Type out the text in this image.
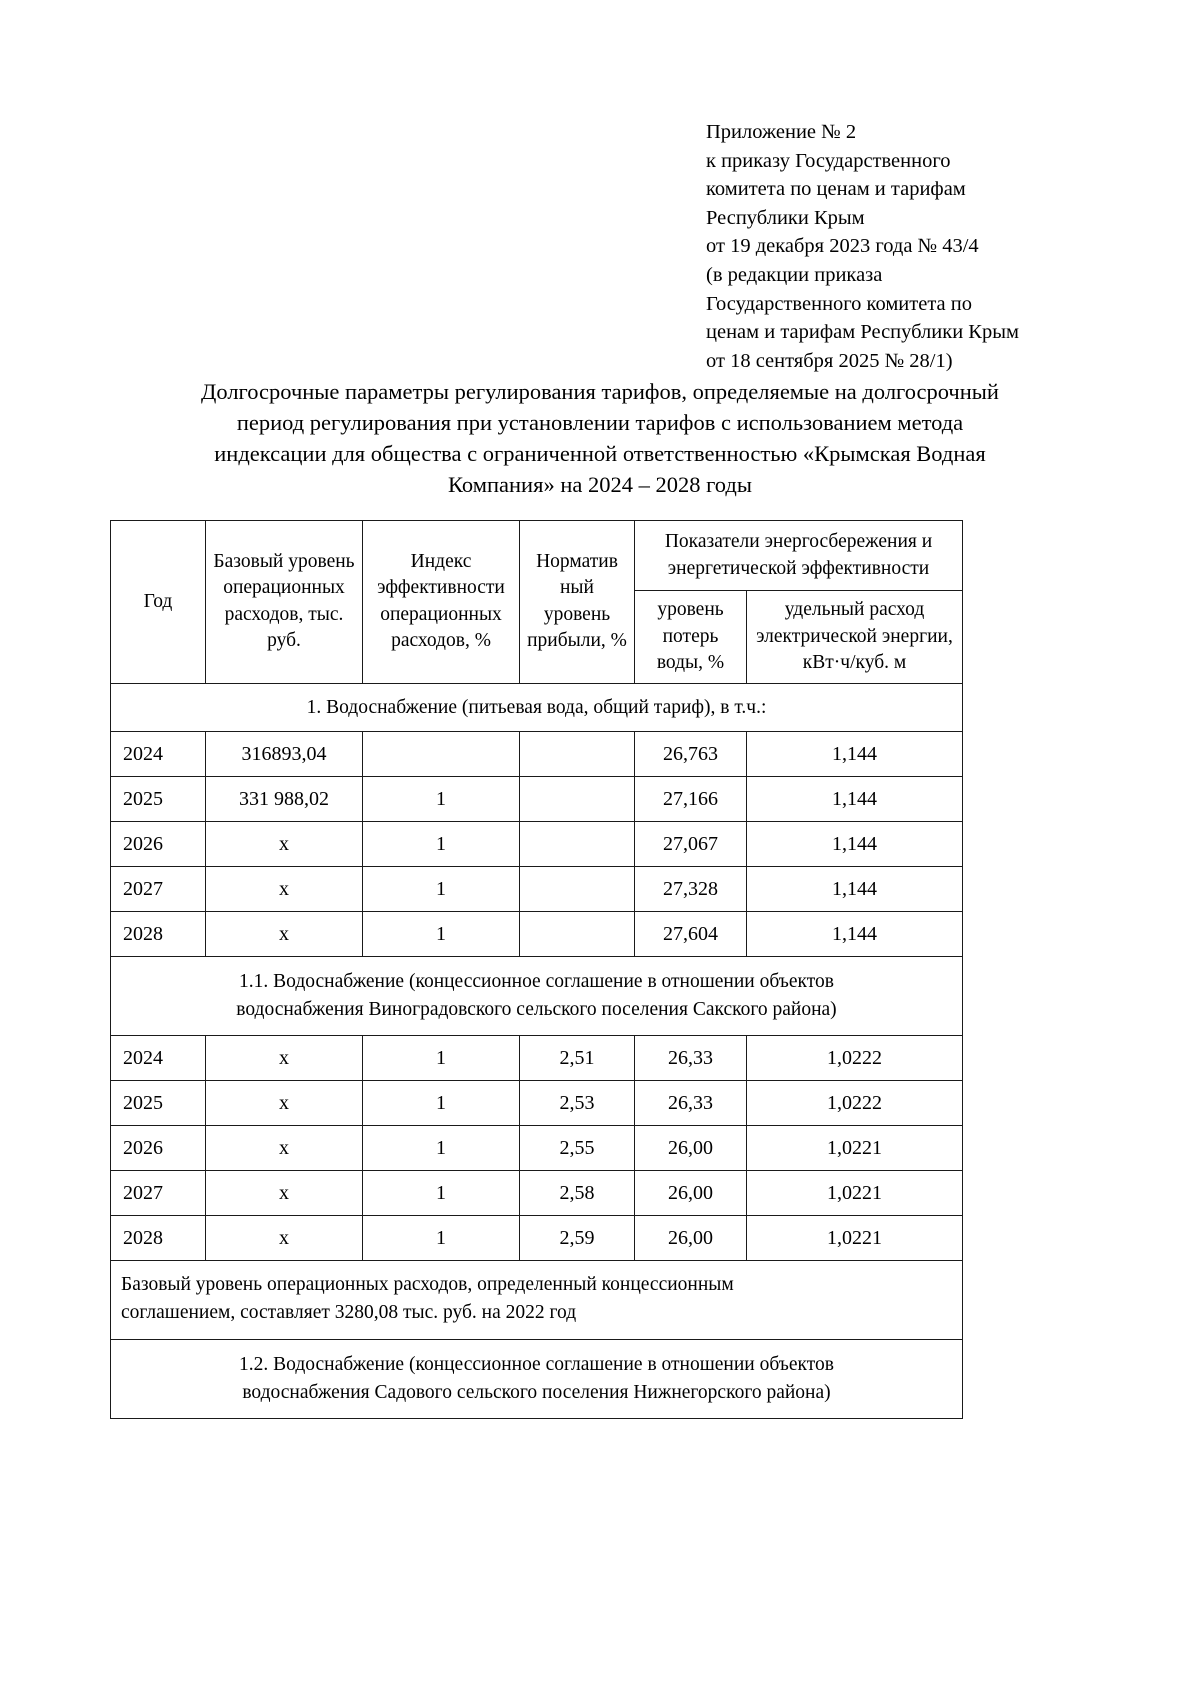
Приложение № 2
к приказу Государственного
комитета по ценам и тарифам
Республики Крым
от 19 декабря 2023 года № 43/4
(в редакции приказа
Государственного комитета по
ценам и тарифам Республики Крым
от 18 сентября 2025 № 28/1)
Долгосрочные параметры регулирования тарифов, определяемые на долгосрочный
период регулирования при установлении тарифов с использованием метода
индексации для общества с ограниченной ответственностью «Крымская Водная
Компания» на 2024 – 2028 годы
Год	Базовый уровень операционных расходов, тыс. руб.	Индекс эффективности операционных расходов, %	Норматив ный уровень прибыли, %	Показатели энергосбережения и энергетической эффективности	
				уровень потерь воды, %	удельный расход электрической энергии, кВт·ч/куб. м
1. Водоснабжение (питьевая вода, общий тариф), в т.ч.:					
2024	316893,04			26,763	1,144
2025	331 988,02	1		27,166	1,144
2026	х	1		27,067	1,144
2027	х	1		27,328	1,144
2028	х	1		27,604	1,144
1.1. Водоснабжение (концессионное соглашение в отношении объектов
водоснабжения Виноградовского сельского поселения Сакского района)					
2024	х	1	2,51	26,33	1,0222
2025	х	1	2,53	26,33	1,0222
2026	х	1	2,55	26,00	1,0221
2027	х	1	2,58	26,00	1,0221
2028	х	1	2,59	26,00	1,0221

Базовый уровень операционных расходов, определенный концессионным

соглашением, составляет 3280,08 тыс. руб. на 2022 год					

1.2. Водоснабжение (концессионное соглашение в отношении объектов
водоснабжения Садового сельского поселения Нижнегорского района)					
